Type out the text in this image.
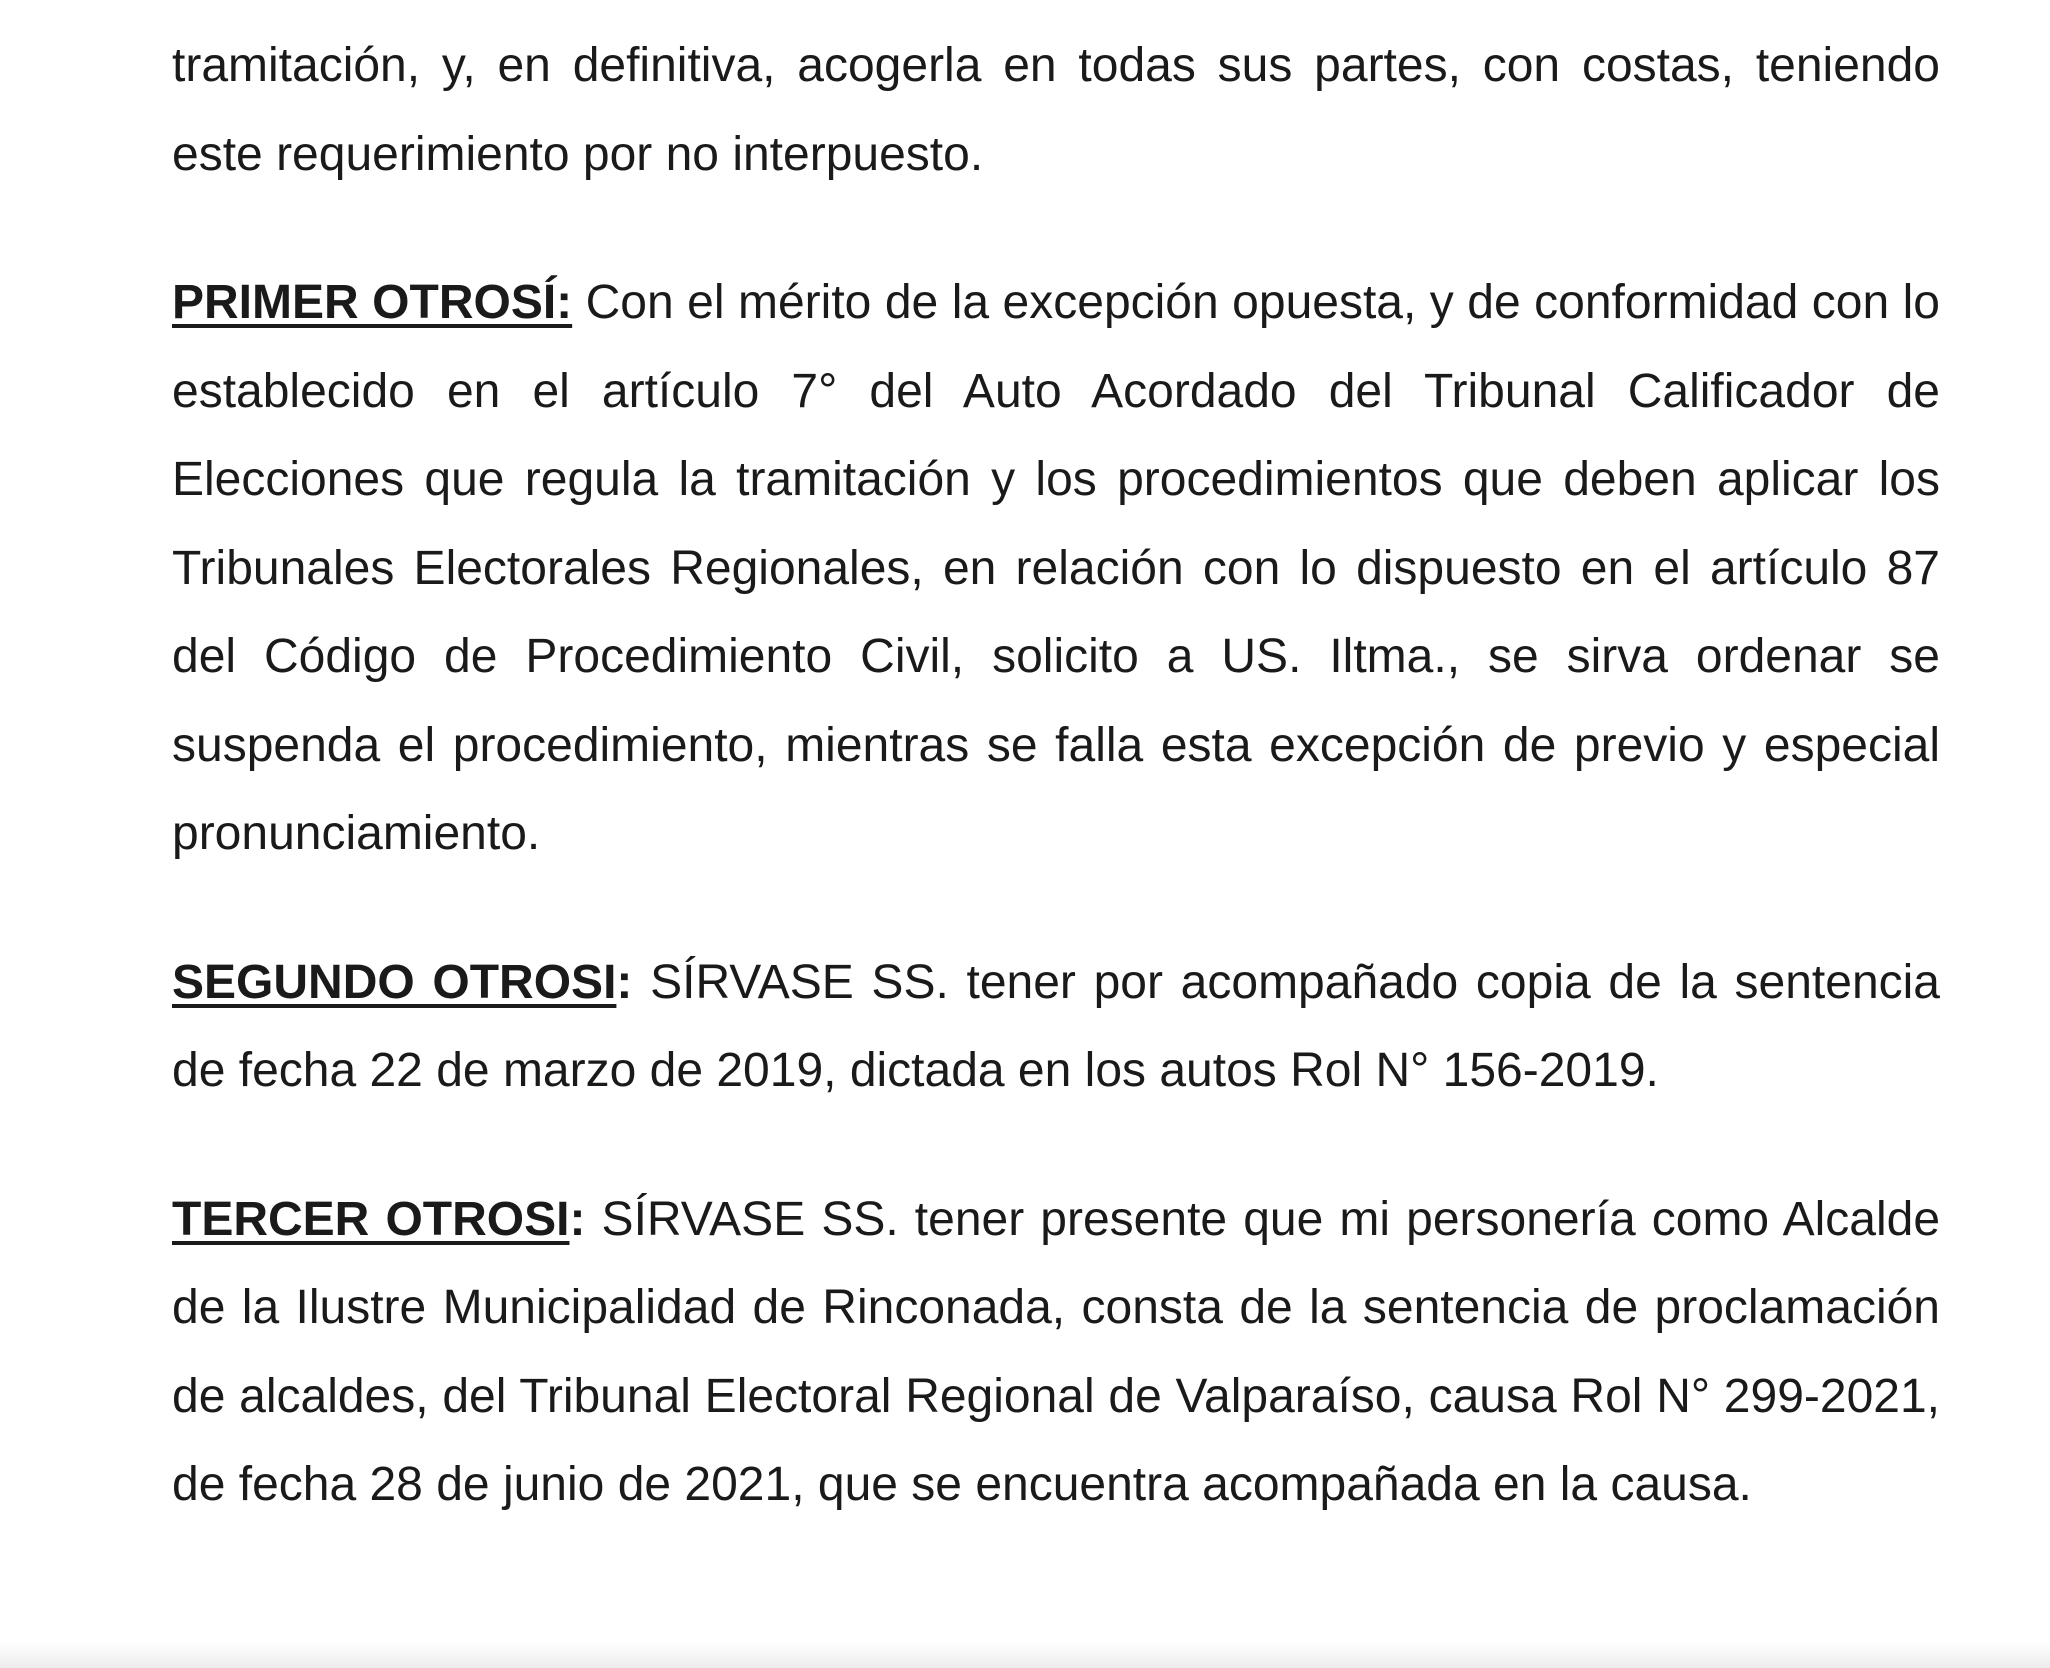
tramitación, y, en definitiva, acogerla en todas sus partes, con costas, teniendo este requerimiento por no interpuesto.

PRIMER OTROSÍ: Con el mérito de la excepción opuesta, y de conformidad con lo establecido en el artículo 7° del Auto Acordado del Tribunal Calificador de Elecciones que regula la tramitación y los procedimientos que deben aplicar los Tribunales Electorales Regionales, en relación con lo dispuesto en el artículo 87 del Código de Procedimiento Civil, solicito a US. Iltma., se sirva ordenar se suspenda el procedimiento, mientras se falla esta excepción de previo y especial pronunciamiento.

SEGUNDO OTROSI: SÍRVASE SS. tener por acompañado copia de la sentencia de fecha 22 de marzo de 2019, dictada en los autos Rol N° 156-2019.

TERCER OTROSI: SÍRVASE SS. tener presente que mi personería como Alcalde de la Ilustre Municipalidad de Rinconada, consta de la sentencia de proclamación de alcaldes, del Tribunal Electoral Regional de Valparaíso, causa Rol N° 299-2021, de fecha 28 de junio de 2021, que se encuentra acompañada en la causa.
